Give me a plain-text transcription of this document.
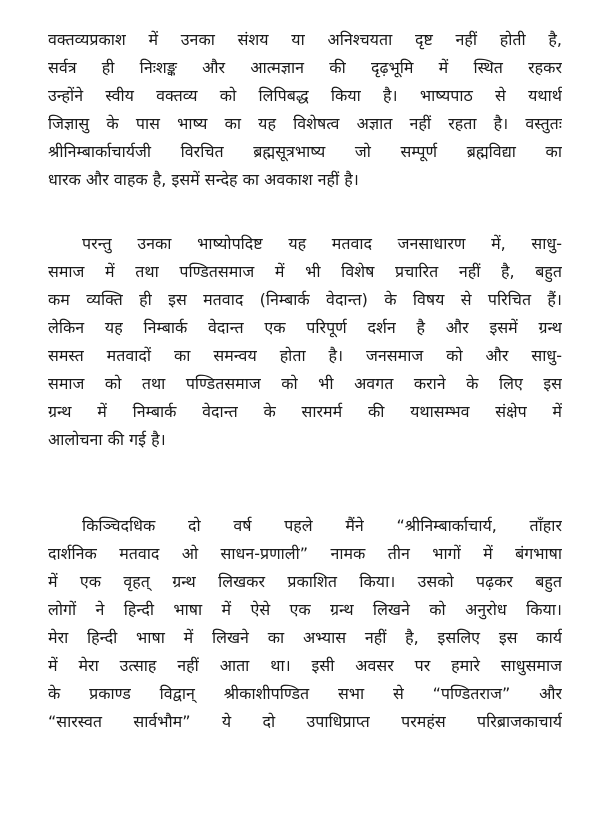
वक्तव्यप्रकाश में उनका संशय या अनिश्चयता दृष्ट नहीं होती है,
सर्वत्र ही निःशङ्क और आत्मज्ञान की दृढ़भूमि में स्थित रहकर
उन्होंने स्वीय वक्तव्य को लिपिबद्ध किया है। भाष्यपाठ से यथार्थ
जिज्ञासु के पास भाष्य का यह विशेषत्व अज्ञात नहीं रहता है। वस्तुतः
श्रीनिम्बार्काचार्यजी विरचित ब्रह्मसूत्रभाष्य जो सम्पूर्ण ब्रह्मविद्या का
धारक और वाहक है, इसमें सन्देह का अवकाश नहीं है।
परन्तु उनका भाष्योपदिष्ट यह मतवाद जनसाधारण में, साधु-
समाज में तथा पण्डितसमाज में भी विशेष प्रचारित नहीं है, बहुत
कम व्यक्ति ही इस मतवाद (निम्बार्क वेदान्त) के विषय से परिचित हैं।
लेकिन यह निम्बार्क वेदान्त एक परिपूर्ण दर्शन है और इसमें ग्रन्थ
समस्त मतवादों का समन्वय होता है। जनसमाज को और साधु-
समाज को तथा पण्डितसमाज को भी अवगत कराने के लिए इस
ग्रन्थ में निम्बार्क वेदान्त के सारमर्म की यथासम्भव संक्षेप में
आलोचना की गई है।
किञ्चिदधिक दो वर्ष पहले मैंने “श्रीनिम्बार्काचार्य, ताँहार
दार्शनिक मतवाद ओ साधन-प्रणाली” नामक तीन भागों में बंगभाषा
में एक वृहत् ग्रन्थ लिखकर प्रकाशित किया। उसको पढ़कर बहुत
लोगों ने हिन्दी भाषा में ऐसे एक ग्रन्थ लिखने को अनुरोध किया।
मेरा हिन्दी भाषा में लिखने का अभ्यास नहीं है, इसलिए इस कार्य
में मेरा उत्साह नहीं आता था। इसी अवसर पर हमारे साधुसमाज
के प्रकाण्ड विद्वान् श्रीकाशीपण्डित सभा से “पण्डितराज” और
“सारस्वत सार्वभौम” ये दो उपाधिप्राप्त परमहंस परिब्राजकाचार्य
